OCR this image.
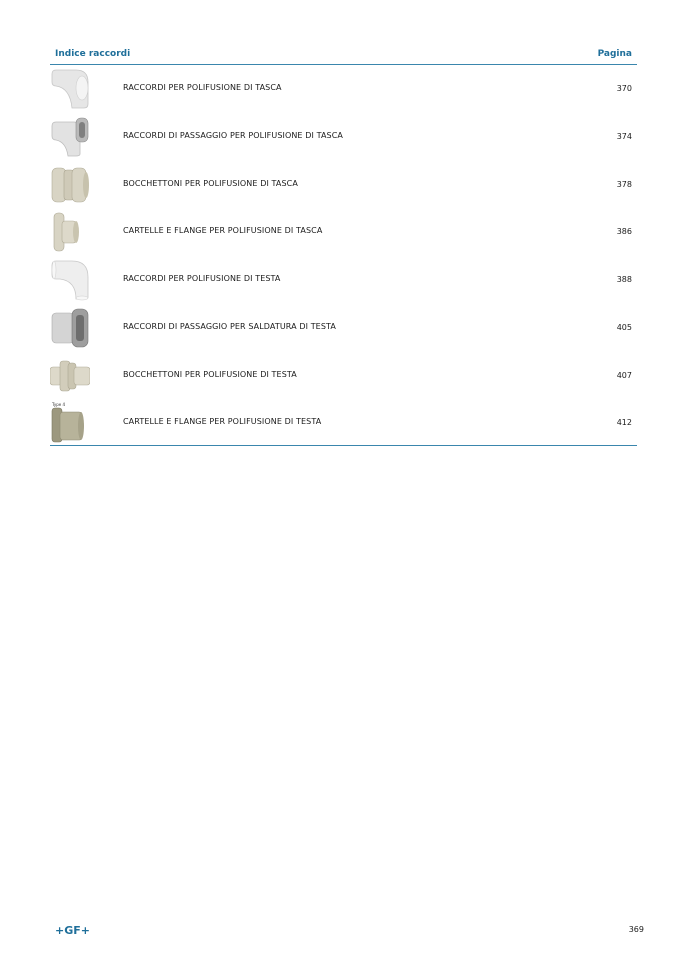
Indice raccordi	Pagina
RACCORDI PER POLIFUSIONE DI TASCA	370
RACCORDI DI PASSAGGIO PER POLIFUSIONE DI TASCA	374
BOCCHETTONI PER POLIFUSIONE DI TASCA	378
CARTELLE E FLANGE PER POLIFUSIONE DI TASCA	386
RACCORDI PER POLIFUSIONE DI TESTA	388
RACCORDI DI PASSAGGIO PER SALDATURA DI TESTA	405
BOCCHETTONI PER POLIFUSIONE DI TESTA	407
Type 4
CARTELLE E FLANGE PER POLIFUSIONE DI TESTA	412
+GF+	369
